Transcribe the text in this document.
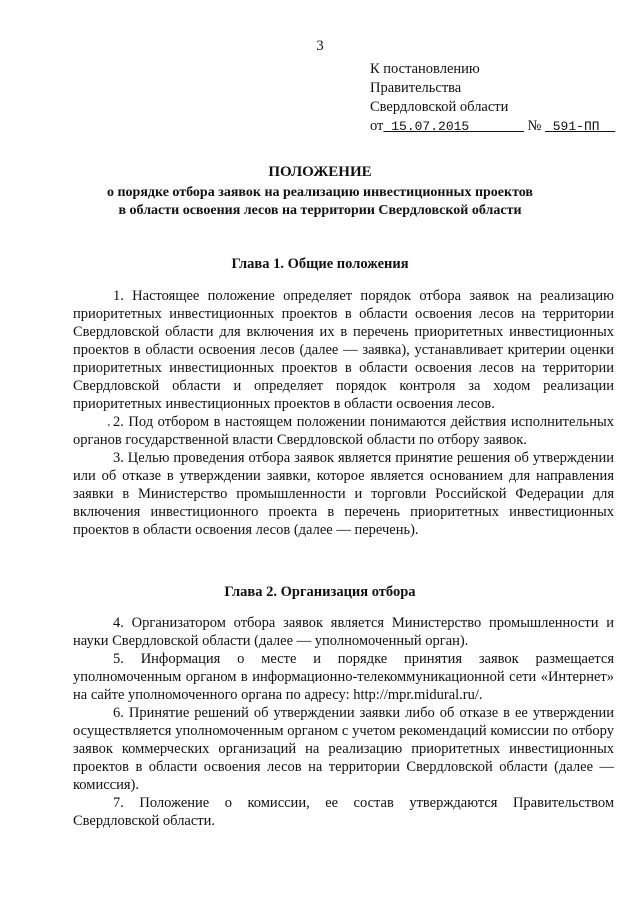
3
К постановлению
Правительства
Свердловской области
от 15.07.2015	№ 591-ПП
ПОЛОЖЕНИЕ
о порядке отбора заявок на реализацию инвестиционных проектов
в области освоения лесов на территории Свердловской области
Глава 1. Общие положения

1. Настоящее положение определяет порядок отбора заявок на реализацию приоритетных инвестиционных проектов в области освоения лесов на территории Свердловской области для включения их в перечень приоритетных инвестиционных проектов в области освоения лесов (далее — заявка), устанавливает критерии оценки приоритетных инвестиционных проектов в области освоения лесов на территории Свердловской области и определяет порядок контроля за ходом реализации приоритетных инвестиционных проектов в области освоения лесов.

‚ 2. Под отбором в настоящем положении понимаются действия исполнительных органов государственной власти Свердловской области по отбору заявок.

3. Целью проведения отбора заявок является принятие решения об утверждении или об отказе в утверждении заявки, которое является основанием для направления заявки в Министерство промышленности и торговли Российской Федерации для включения инвестиционного проекта в перечень приоритетных инвестиционных проектов в области освоения лесов (далее — перечень).

Глава 2. Организация отбора

4. Организатором отбора заявок является Министерство промышленности и науки Свердловской области (далее — уполномоченный орган).

5. Информация о месте и порядке принятия заявок размещается уполномоченным органом в информационно-телекоммуникационной сети «Интернет» на сайте уполномоченного органа по адресу: http://mpr.midural.ru/.

6. Принятие решений об утверждении заявки либо об отказе в ее утверждении осуществляется уполномоченным органом с учетом рекомендаций комиссии по отбору заявок коммерческих организаций на реализацию приоритетных инвестиционных проектов в области освоения лесов на территории Свердловской области (далее — комиссия).

7. Положение о комиссии, ее состав утверждаются Правительством Свердловской области.
